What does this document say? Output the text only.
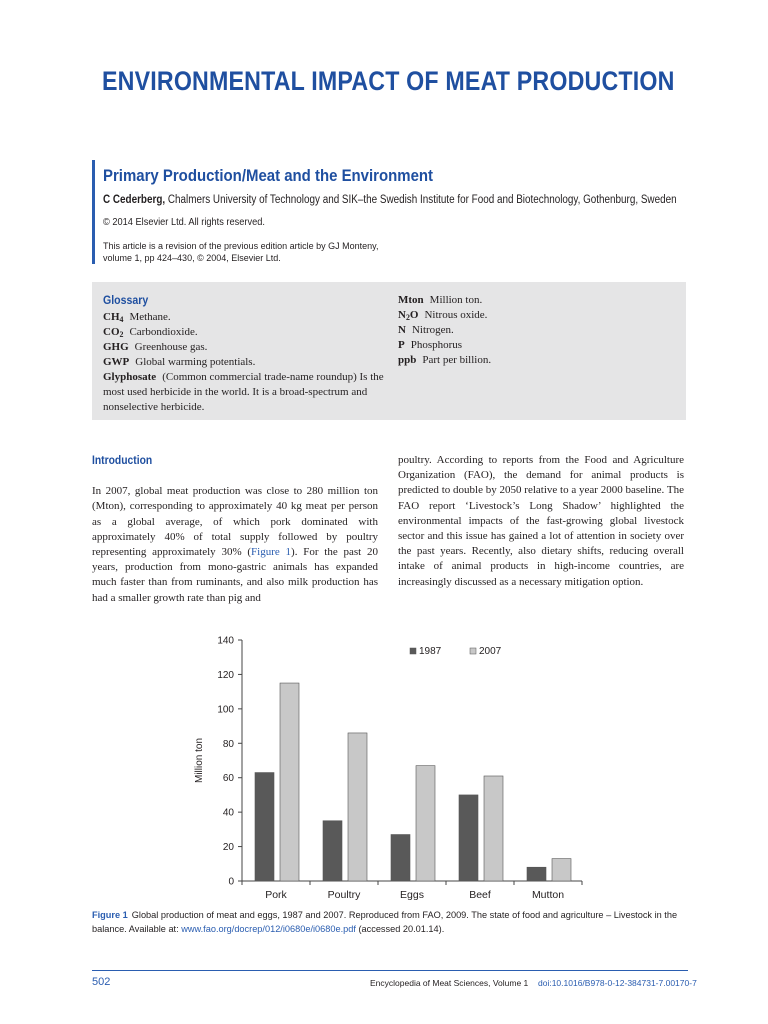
ENVIRONMENTAL IMPACT OF MEAT PRODUCTION
Primary Production/Meat and the Environment
C Cederberg, Chalmers University of Technology and SIK–the Swedish Institute for Food and Biotechnology, Gothenburg, Sweden
© 2014 Elsevier Ltd. All rights reserved.
This article is a revision of the previous edition article by GJ Monteny, volume 1, pp 424–430, © 2004, Elsevier Ltd.
Glossary
$CH_4$ Methane.
$CO_2$ Carbondioxide.
GHG Greenhouse gas.
GWP Global warming potentials.
Glyphosate (Common commercial trade-name roundup) Is the most used herbicide in the world. It is a broad-spectrum and nonselective herbicide.
Mton Million ton.
$N_2O$ Nitrous oxide.
N Nitrogen.
P Phosphorus
ppb Part per billion.
Introduction

In 2007, global meat production was close to 280 million ton (Mton), corresponding to approximately 40 kg meat per person as a global average, of which pork dominated with approximately 40% of total supply followed by poultry representing approximately 30% (Figure 1). For the past 20 years, production from mono-gastric animals has expanded much faster than from ruminants, and also milk production has had a smaller growth rate than pig and

poultry. According to reports from the Food and Agriculture Organization (FAO), the demand for animal products is predicted to double by 2050 relative to a year 2000 baseline. The FAO report ‘Livestock’s Long Shadow’ highlighted the environmental impacts of the fast-growing global livestock sector and this issue has gained a lot of attention in society over the past years. Recently, also dietary shifts, reducing overall intake of animal products in high-income countries, are increasingly discussed as a necessary mitigation option.

0
20
40
60
80
100
120
140
Million ton
Pork	Poultry	Eggs	Beef	Mutton
1987	2007
Figure 1 Global production of meat and eggs, 1987 and 2007. Reproduced from FAO, 2009. The state of food and agriculture – Livestock in the balance. Available at: www.fao.org/docrep/012/i0680e/i0680e.pdf (accessed 20.01.14).
502	Encyclopedia of Meat Sciences, Volume 1 doi:10.1016/B978-0-12-384731-7.00170-7
